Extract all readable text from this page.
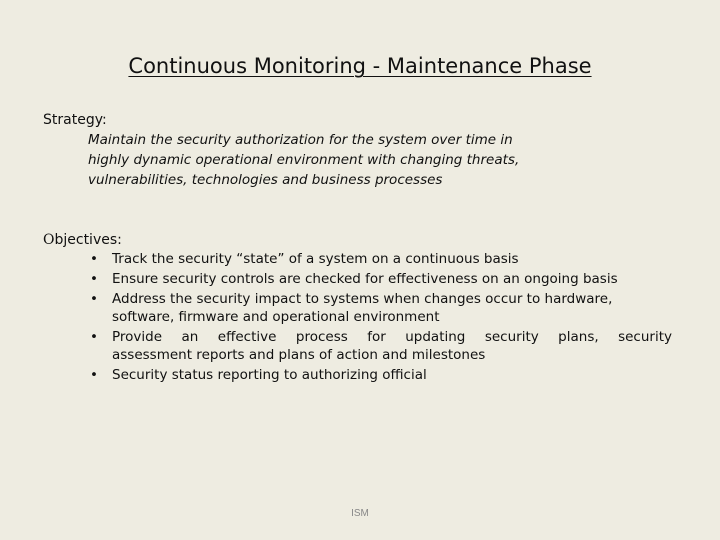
Continuous Monitoring - Maintenance Phase
Strategy:
Maintain the security authorization for the system over time in
highly dynamic operational environment with changing threats,
vulnerabilities, technologies and business processes
Objectives:
• Track the security “state” of a system on a continuous basis
• Ensure security controls are checked for effectiveness on an ongoing basis
• Address the security impact to systems when changes occur to hardware,
software, firmware and operational environment
• Provide an effective process for updating security plans, security
assessment reports and plans of action and milestones
• Security status reporting to authorizing official
ISM
